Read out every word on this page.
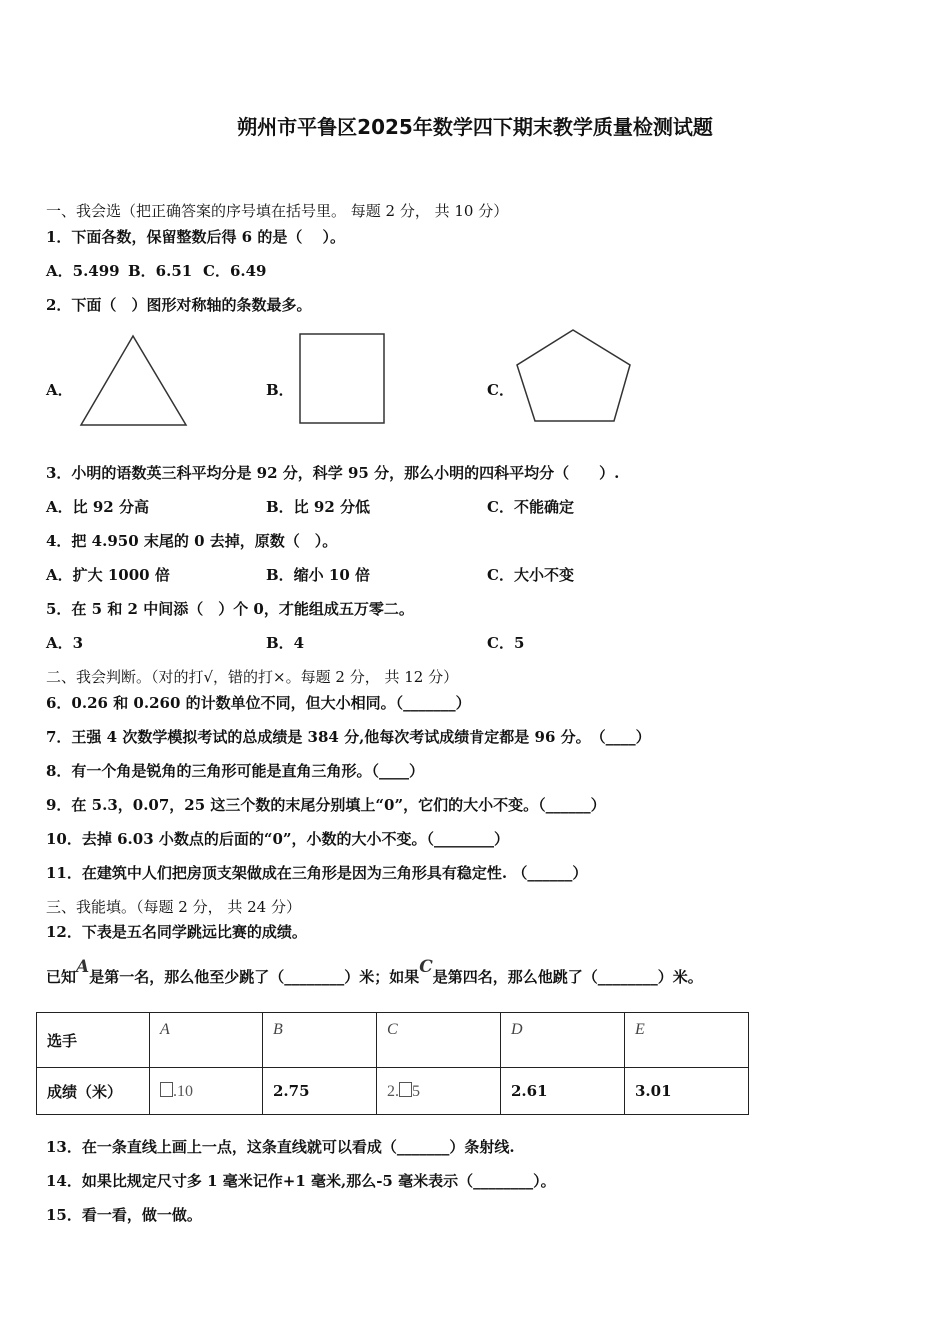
朔州市平鲁区2025年数学四下期末教学质量检测试题
一、我会选（把正确答案的序号填在括号里。 每题 2 分， 共 10 分）
1．下面各数，保留整数后得 6 的是（　 ）。
A．5.499 B．6.51 C．6.49
2．下面（　）图形对称轴的条数最多。
A．	B．	C．
3．小明的语数英三科平均分是 92 分，科学 95 分，那么小明的四科平均分（　　）.
A．比 92 分高	B．比 92 分低	C．不能确定
4．把 4.950 末尾的 0 去掉，原数（　）。
A．扩大 1000 倍	B．缩小 10 倍	C．大小不变
5．在 5 和 2 中间添（　）个 0，才能组成五万零二。
A．3	B．4	C．5
二、我会判断。（对的打√，错的打×。每题 2 分， 共 12 分）
6．0.26 和 0.260 的计数单位不同，但大小相同。（_______）
7．王强 4 次数学模拟考试的总成绩是 384 分,他每次考试成绩肯定都是 96 分。　（____）
8．有一个角是锐角的三角形可能是直角三角形。（____）
9．在 5.3，0.07，25 这三个数的末尾分别填上“0”，它们的大小不变。（______）
10．去掉 6.03 小数点的后面的“0”，小数的大小不变。（________）
11．在建筑中人们把房顶支架做成在三角形是因为三角形具有稳定性. （______）
三、我能填。（每题 2 分， 共 24 分）
12．下表是五名同学跳远比赛的成绩。
已知A是第一名，那么他至少跳了（________）米；如果C是第四名，那么他跳了（________）米。
选手	A	B	C	D	E
成绩（米）	.10	2.75	2. 5	2.61	3.01
13．在一条直线上画上一点，这条直线就可以看成（_______）条射线.
14．如果比规定尺寸多 1 毫米记作+1 毫米,那么-5 毫米表示（________）。
15．看一看，做一做。
